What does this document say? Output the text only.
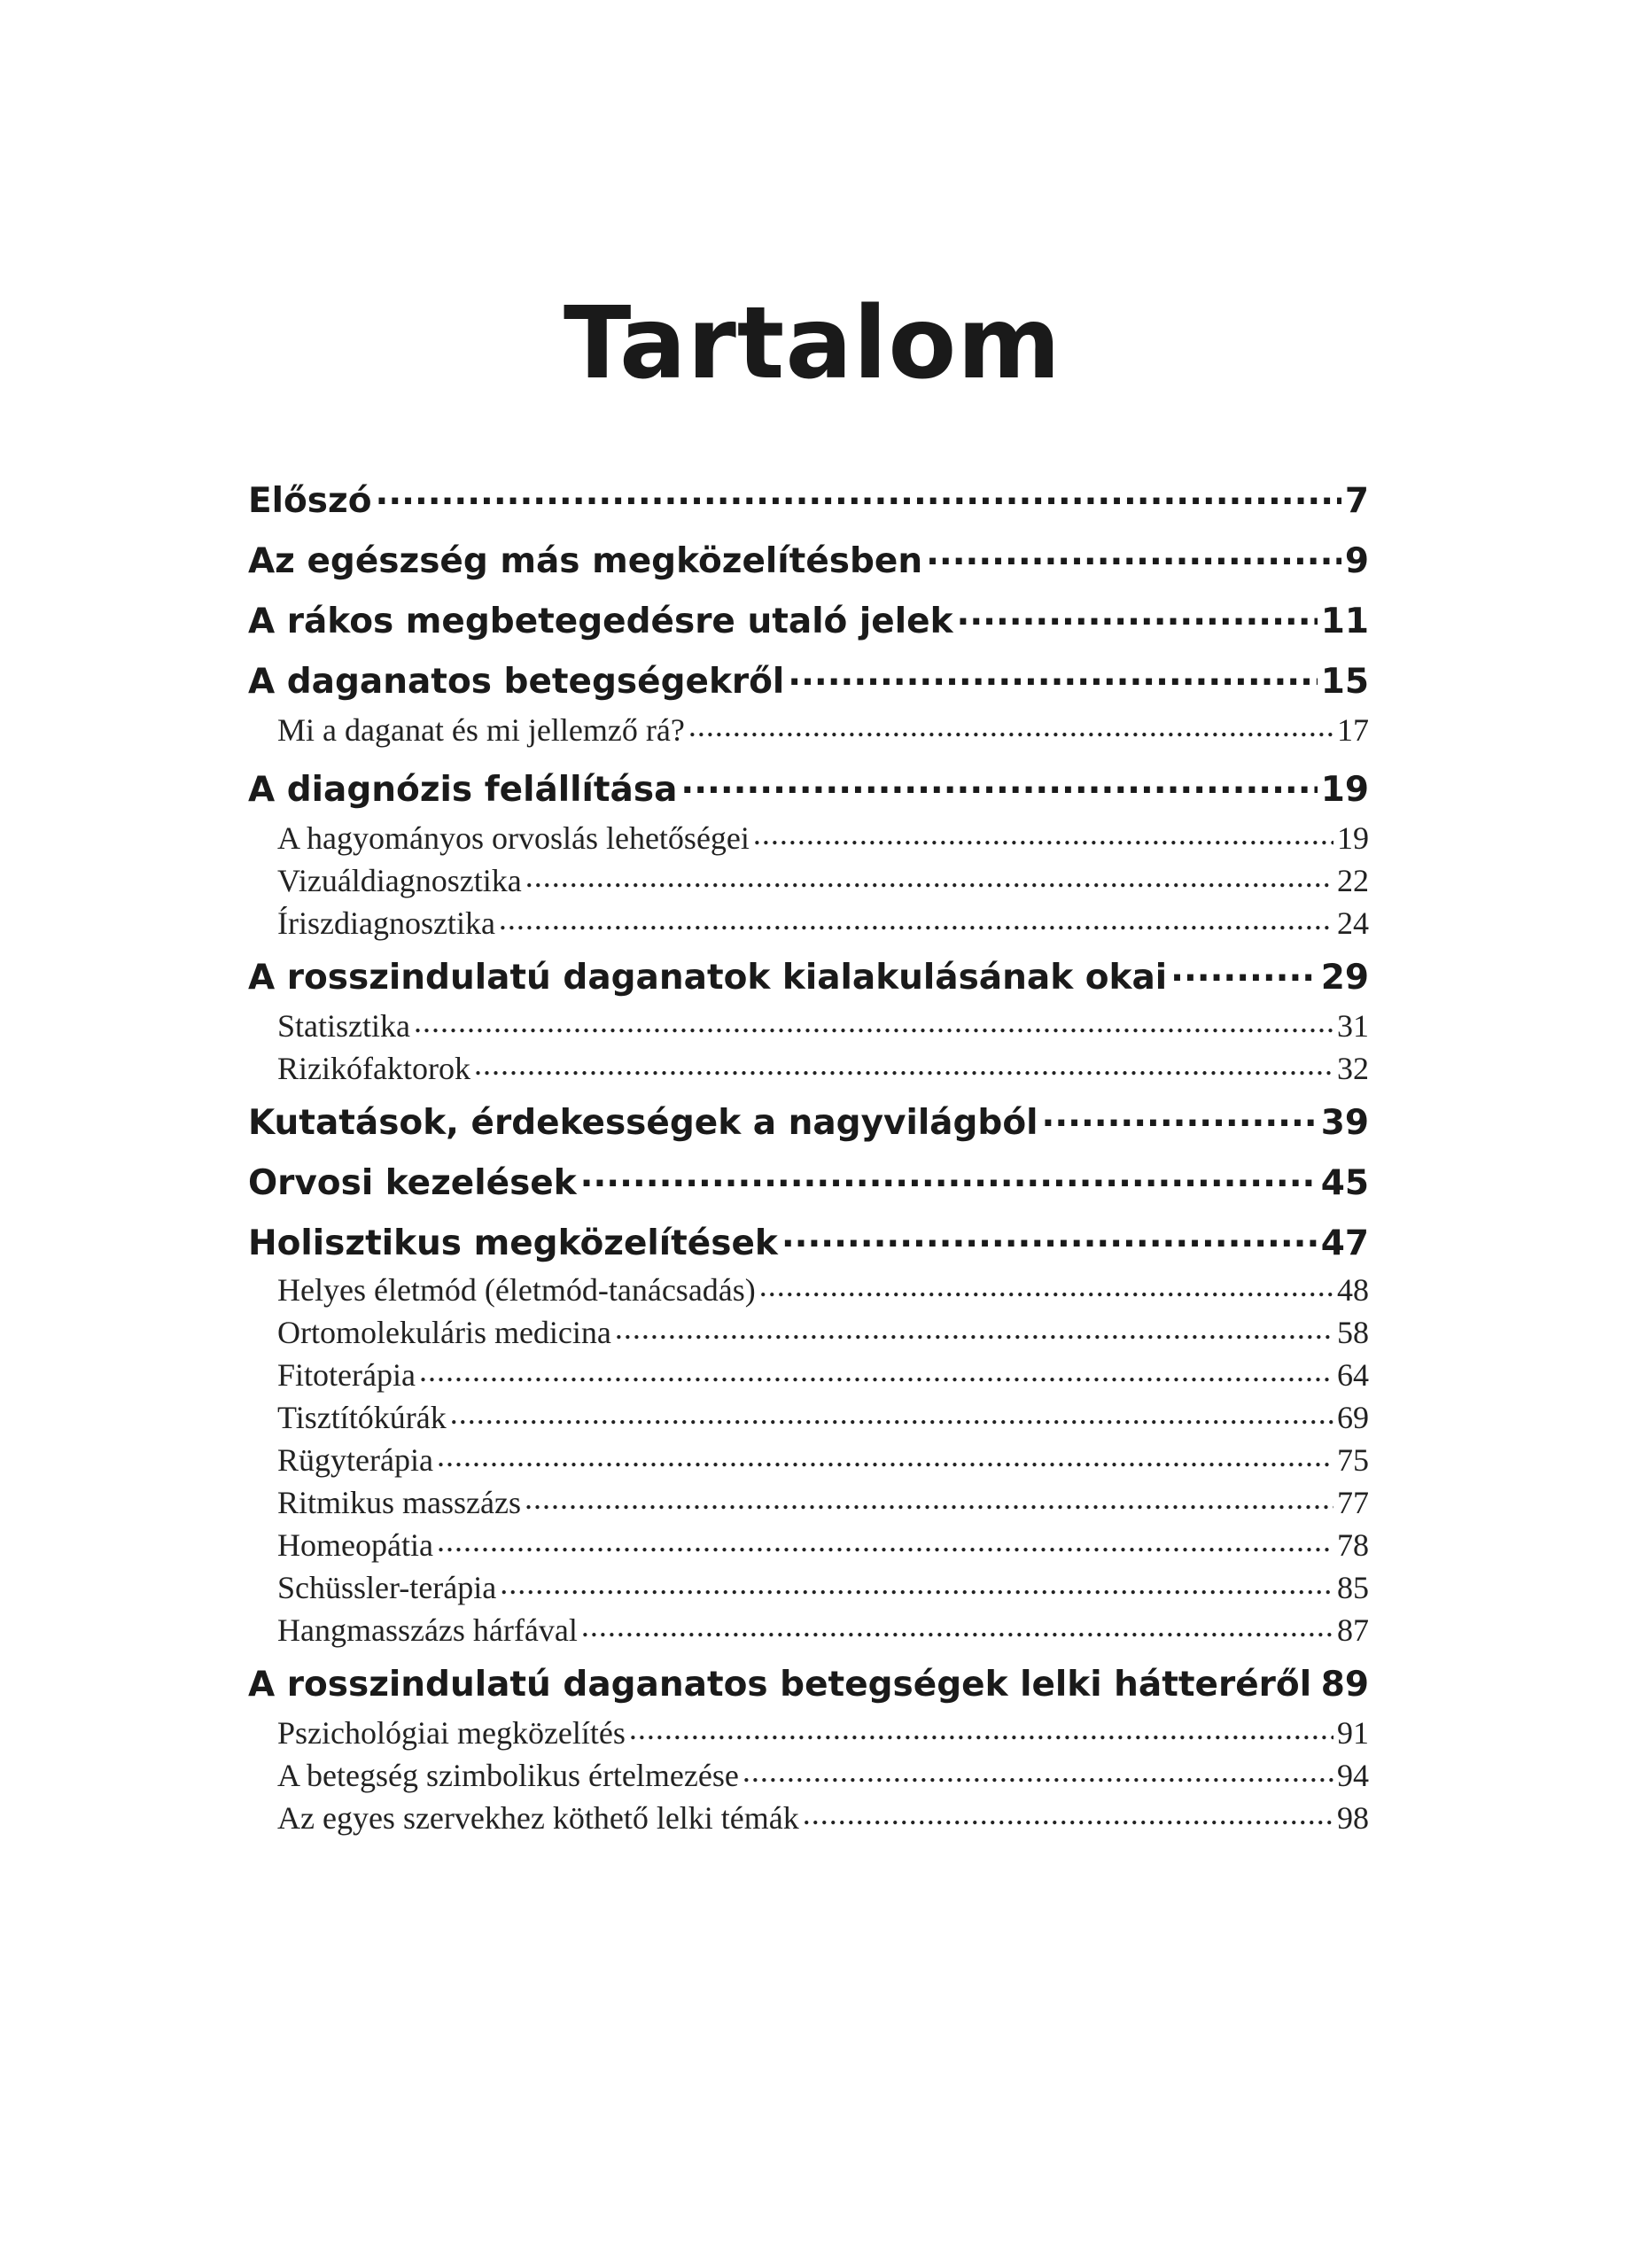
Tartalom
Előszó .....	7
Az egészség más megközelítésben .....	9
A rákos megbetegedésre utaló jelek .....	11
A daganatos betegségekről .....	15
Mi a daganat és mi jellemző rá? .....	17
A diagnózis felállítása .....	19
A hagyományos orvoslás lehetőségei .....	19
Vizuáldiagnosztika .....	22
Íriszdiagnosztika .....	24
A rosszindulatú daganatok kialakulásának okai .....	29
Statisztika .....	31
Rizikófaktorok .....	32
Kutatások, érdekességek a nagyvilágból .....	39
Orvosi kezelések .....	45
Holisztikus megközelítések .....	47
Helyes életmód (életmód-tanácsadás) .....	48
Ortomolekuláris medicina .....	58
Fitoterápia .....	64
Tisztítókúrák .....	69
Rügyterápia .....	75
Ritmikus masszázs .....	77
Homeopátia .....	78
Schüssler-terápia .....	85
Hangmasszázs hárfával .....	87
A rosszindulatú daganatos betegségek lelki hátteréről ..... 89
Pszichológiai megközelítés .....	91
A betegség szimbolikus értelmezése .....	94
Az egyes szervekhez köthető lelki témák .....	98
